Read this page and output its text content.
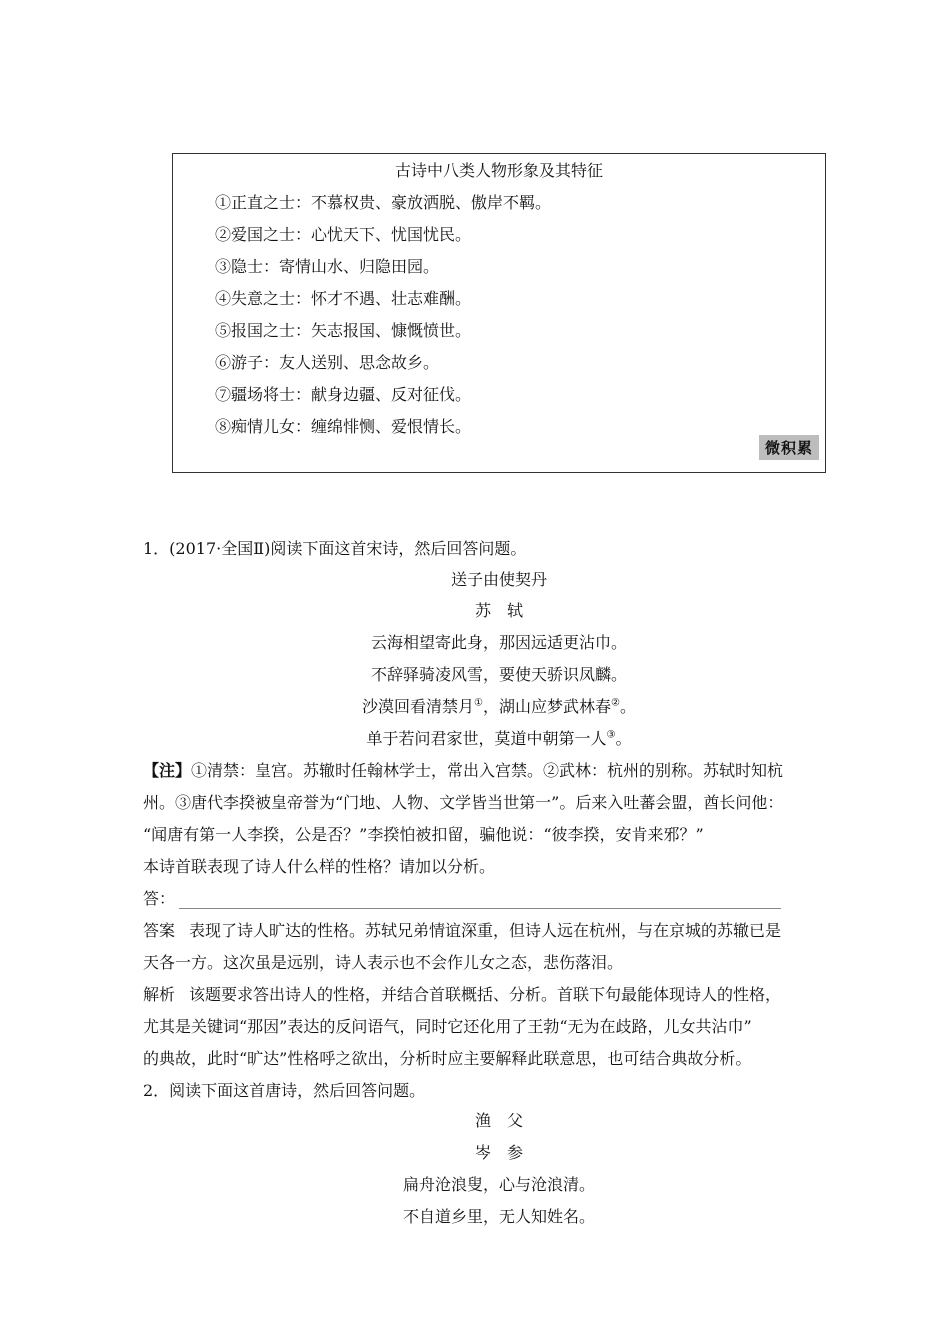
古诗中八类人物形象及其特征
①正直之士：不慕权贵、豪放洒脱、傲岸不羁。
②爱国之士：心忧天下、忧国忧民。
③隐士：寄情山水、归隐田园。
④失意之士：怀才不遇、壮志难酬。
⑤报国之士：矢志报国、慷慨愤世。
⑥游子：友人送别、思念故乡。
⑦疆场将士：献身边疆、反对征伐。
⑧痴情儿女：缠绵悱恻、爱恨情长。
微积累
1．(2017·全国Ⅱ)阅读下面这首宋诗，然后回答问题。
送子由使契丹
苏　轼
云海相望寄此身，那因远适更沾巾。
不辞驿骑凌风雪，要使天骄识凤麟。
沙漠回看清禁月①，湖山应梦武林春②。
单于若问君家世，莫道中朝第一人③。
【注】①清禁：皇宫。苏辙时任翰林学士，常出入宫禁。②武林：杭州的别称。苏轼时知杭
州。③唐代李揆被皇帝誉为“门地、人物、文学皆当世第一”。后来入吐蕃会盟，酋长问他：
“闻唐有第一人李揆，公是否？”李揆怕被扣留，骗他说：“彼李揆，安肯来邪？”
本诗首联表现了诗人什么样的性格？请加以分析。
答：
答案 表现了诗人旷达的性格。苏轼兄弟情谊深重，但诗人远在杭州，与在京城的苏辙已是
天各一方。这次虽是远别，诗人表示也不会作儿女之态，悲伤落泪。
解析 该题要求答出诗人的性格，并结合首联概括、分析。首联下句最能体现诗人的性格，
尤其是关键词“那因”表达的反问语气，同时它还化用了王勃“无为在歧路，儿女共沾巾”
的典故，此时“旷达”性格呼之欲出，分析时应主要解释此联意思，也可结合典故分析。
2．阅读下面这首唐诗，然后回答问题。
渔　父
岑　参
扁舟沧浪叟，心与沧浪清。
不自道乡里，无人知姓名。
